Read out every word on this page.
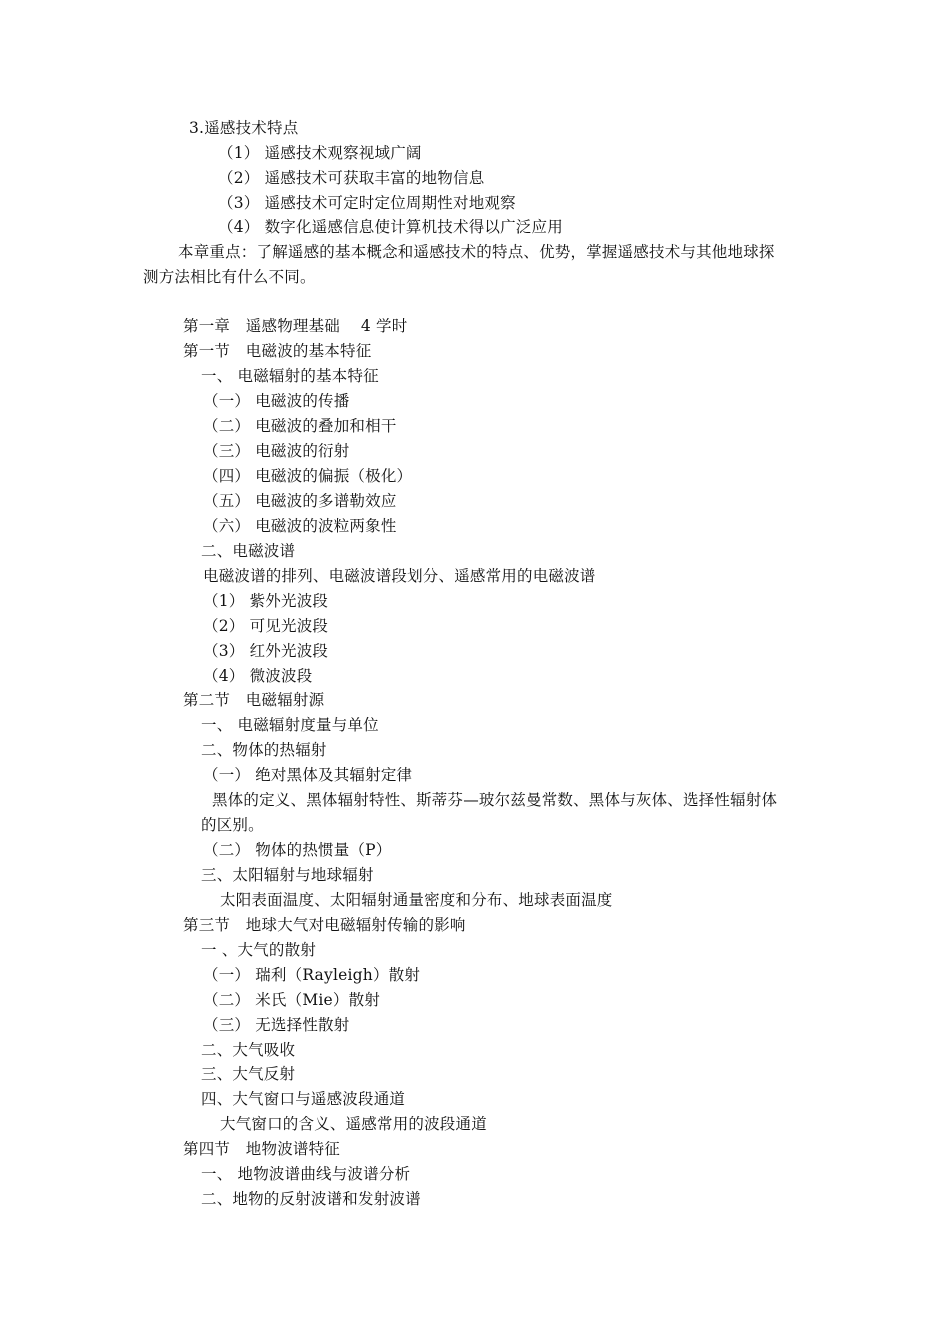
3.遥感技术特点
（1） 遥感技术观察视域广阔
（2） 遥感技术可获取丰富的地物信息
（3） 遥感技术可定时定位周期性对地观察
（4） 数字化遥感信息使计算机技术得以广泛应用
本章重点：了解遥感的基本概念和遥感技术的特点、优势，掌握遥感技术与其他地球探
测方法相比有什么不同。
第一章　遥感物理基础　 4 学时
第一节　电磁波的基本特征
一、 电磁辐射的基本特征
（一） 电磁波的传播
（二） 电磁波的叠加和相干
（三） 电磁波的衍射
（四） 电磁波的偏振（极化）
（五） 电磁波的多谱勒效应
（六） 电磁波的波粒两象性
二、电磁波谱
电磁波谱的排列、电磁波谱段划分、遥感常用的电磁波谱
（1） 紫外光波段
（2） 可见光波段
（3） 红外光波段
（4） 微波波段
第二节　电磁辐射源
一、 电磁辐射度量与单位
二、物体的热辐射
（一） 绝对黑体及其辐射定律
黑体的定义、黑体辐射特性、斯蒂芬—玻尔兹曼常数、黑体与灰体、选择性辐射体
的区别。
（二） 物体的热惯量（P）
三、太阳辐射与地球辐射
太阳表面温度、太阳辐射通量密度和分布、地球表面温度
第三节　地球大气对电磁辐射传输的影响
一 、大气的散射
（一） 瑞利（Rayleigh）散射
（二） 米氏（Mie）散射
（三） 无选择性散射
二、大气吸收
三、大气反射
四、大气窗口与遥感波段通道
大气窗口的含义、遥感常用的波段通道
第四节　地物波谱特征
一、 地物波谱曲线与波谱分析
二、地物的反射波谱和发射波谱
